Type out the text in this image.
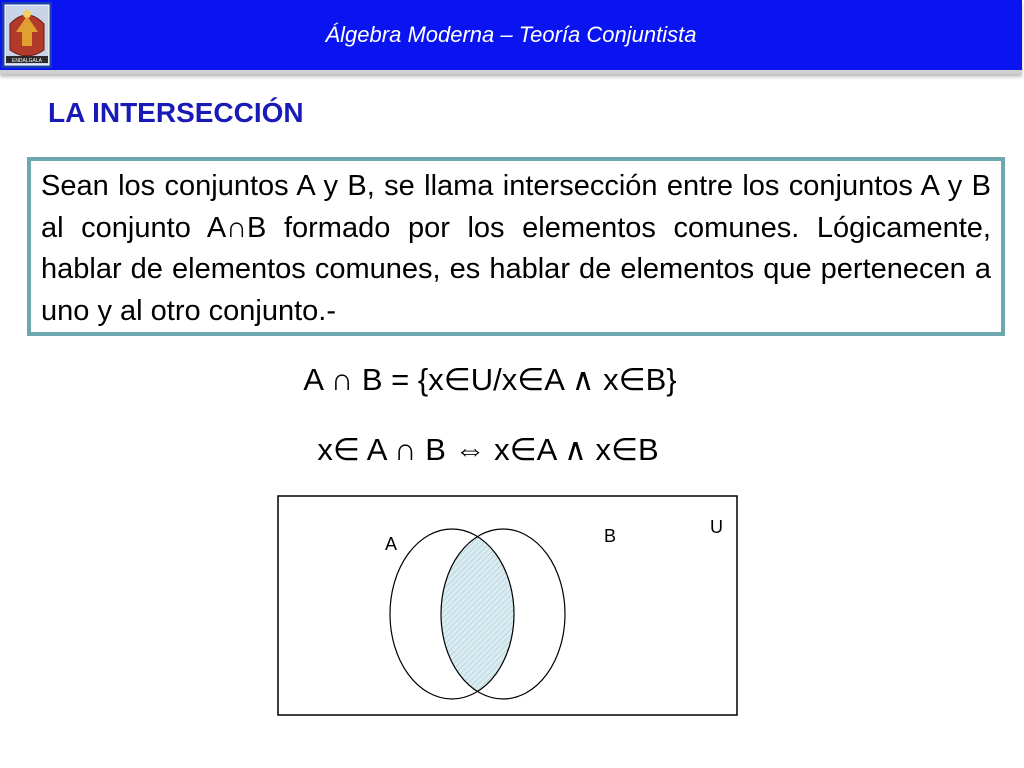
ENDALGALA
Álgebra Moderna – Teoría Conjuntista
LA INTERSECCIÓN

Sean los conjuntos A y B, se llama intersección entre los conjuntos A y B al conjunto A∩B formado por los elementos comunes. Lógicamente, hablar de elementos comunes, es hablar de elementos que pertenecen a uno y al otro conjunto.-

A ∩ B = {x∈U/x∈A ∧ x∈B}
x∈ A ∩ B ⇔ x∈A ∧ x∈B
U
A	B
